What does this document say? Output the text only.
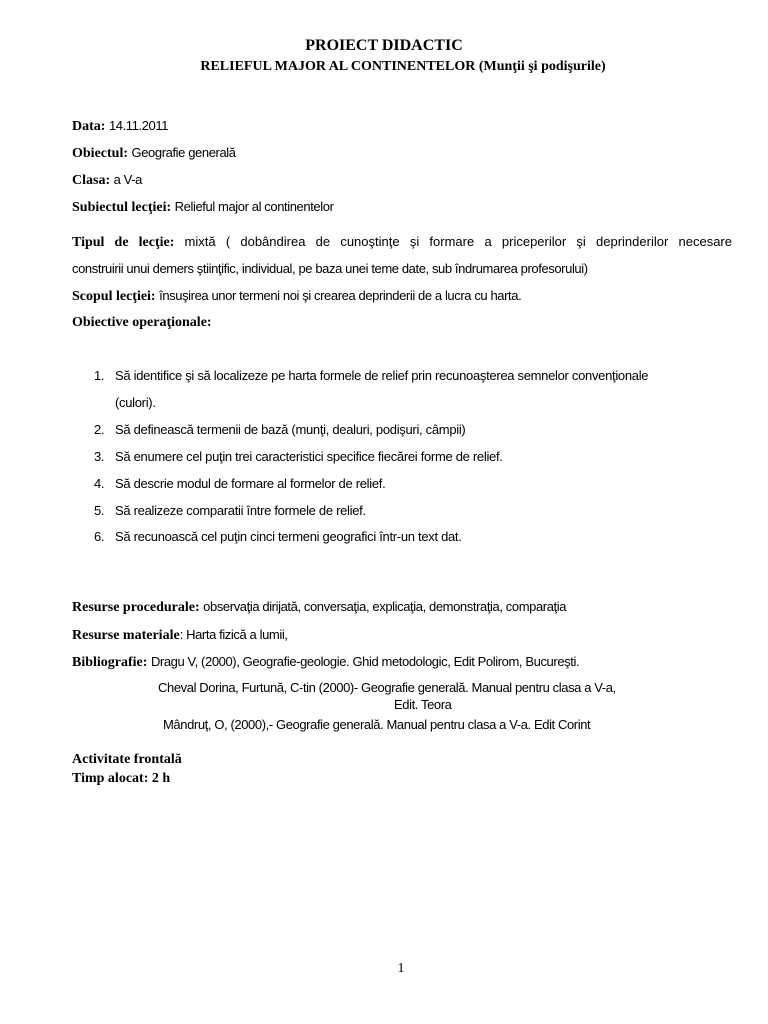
PROIECT DIDACTIC
RELIEFUL MAJOR AL CONTINENTELOR (Munţii şi podişurile)
Data: 14.11.2011
Obiectul: Geografie generală
Clasa: a V-a
Subiectul lecţiei: Relieful major al continentelor
Tipul de lecţie: mixtă ( dobândirea de cunoştinţe şi formare a priceperilor şi deprinderilor necesare
construirii unui demers ştiinţific, individual, pe baza unei teme date, sub îndrumarea profesorului)
Scopul lecţiei: însuşirea unor termeni noi şi crearea deprinderii de a lucra cu harta.
Obiective operaţionale:
1. Să identifice şi să localizeze pe harta formele de relief prin recunoaşterea semnelor convenţionale
(culori).
2. Să definească termenii de bază (munţi, dealuri, podişuri, câmpii)
3. Să enumere cel puţin trei caracteristici specifice fiecărei forme de relief.
4. Să descrie modul de formare al formelor de relief.
5. Să realizeze comparatii între formele de relief.
6. Să recunoască cel puţin cinci termeni geografici într-un text dat.
Resurse procedurale: observaţia dirijată, conversaţia, explicaţia, demonstraţia, comparaţia
Resurse materiale: Harta fizică a lumii,
Bibliografie: Dragu V, (2000), Geografie-geologie. Ghid metodologic, Edit Polirom, Bucureşti.
Cheval Dorina, Furtună, C-tin (2000)- Geografie generală. Manual pentru clasa a V-a,
Edit. Teora
Mândruţ, O, (2000),- Geografie generală. Manual pentru clasa a V-a. Edit Corint
Activitate frontală
Timp alocat: 2 h
1
